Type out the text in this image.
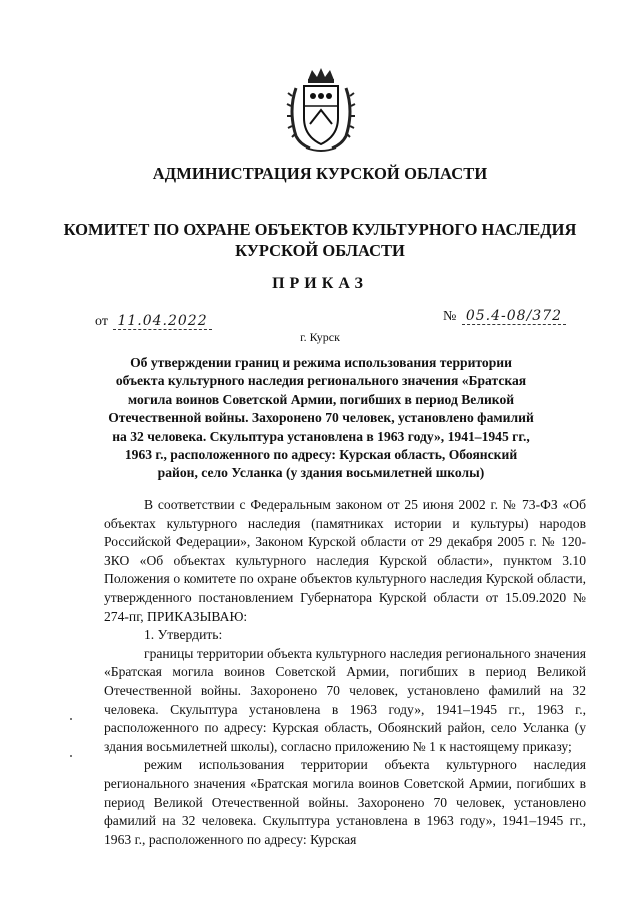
АДМИНИСТРАЦИЯ КУРСКОЙ ОБЛАСТИ
КОМИТЕТ ПО ОХРАНЕ ОБЪЕКТОВ КУЛЬТУРНОГО НАСЛЕДИЯ
КУРСКОЙ ОБЛАСТИ
ПРИКАЗ
от 11.04.2022	№ 05.4-08/372
г. Курск
Об утверждении границ и режима использования территории объекта культурного наследия регионального значения «Братская могила воинов Советской Армии, погибших в период Великой Отечественной войны. Захоронено 70 человек, установлено фамилий на 32 человека. Скульптура установлена в 1963 году», 1941–1945 гг., 1963 г., расположенного по адресу: Курская область, Обоянский район, село Усланка (у здания восьмилетней школы)

В соответствии с Федеральным законом от 25 июня 2002 г. № 73-ФЗ «Об объектах культурного наследия (памятниках истории и культуры) народов Российской Федерации», Законом Курской области от 29 декабря 2005 г. № 120-ЗКО «Об объектах культурного наследия Курской области», пунктом 3.10 Положения о комитете по охране объектов культурного наследия Курской области, утвержденного постановлением Губернатора Курской области от 15.09.2020 № 274-пг, ПРИКАЗЫВАЮ:

1. Утвердить:

границы территории объекта культурного наследия регионального значения «Братская могила воинов Советской Армии, погибших в период Великой Отечественной войны. Захоронено 70 человек, установлено фамилий на 32 человека. Скульптура установлена в 1963 году», 1941–1945 гг., 1963 г., расположенного по адресу: Курская область, Обоянский район, село Усланка (у здания восьмилетней школы), согласно приложению № 1 к настоящему приказу;

режим использования территории объекта культурного наследия регионального значения «Братская могила воинов Советской Армии, погибших в период Великой Отечественной войны. Захоронено 70 человек, установлено фамилий на 32 человека. Скульптура установлена в 1963 году», 1941–1945 гг., 1963 г., расположенного по адресу: Курская
